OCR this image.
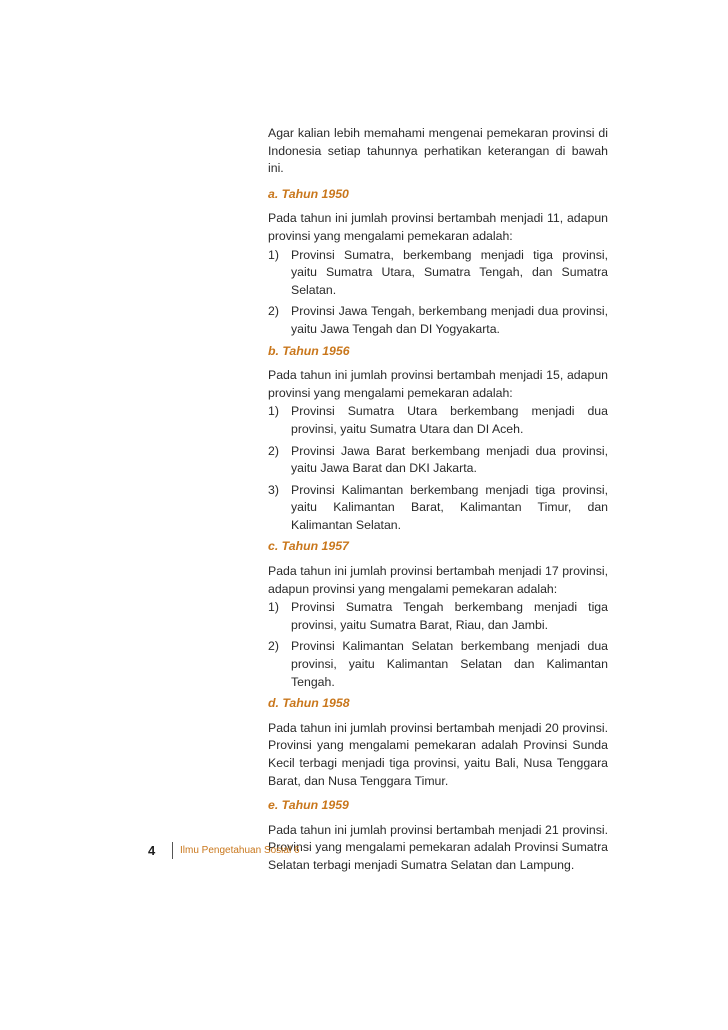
Agar kalian lebih memahami mengenai pemekaran provinsi di Indonesia setiap tahunnya perhatikan keterangan di bawah ini.

a. Tahun 1950

Pada tahun ini jumlah provinsi bertambah menjadi 11, adapun provinsi yang mengalami pemekaran adalah:

1) Provinsi Sumatra, berkembang menjadi tiga provinsi, yaitu Sumatra Utara, Sumatra Tengah, dan Sumatra Selatan.
2) Provinsi Jawa Tengah, berkembang menjadi dua provinsi, yaitu Jawa Tengah dan DI Yogyakarta.
b. Tahun 1956

Pada tahun ini jumlah provinsi bertambah menjadi 15, adapun provinsi yang mengalami pemekaran adalah:

1) Provinsi Sumatra Utara berkembang menjadi dua provinsi, yaitu Sumatra Utara dan DI Aceh.
2) Provinsi Jawa Barat berkembang menjadi dua provinsi, yaitu Jawa Barat dan DKI Jakarta.
3) Provinsi Kalimantan berkembang menjadi tiga provinsi, yaitu Kalimantan Barat, Kalimantan Timur, dan Kalimantan Selatan.
c. Tahun 1957

Pada tahun ini jumlah provinsi bertambah menjadi 17 provinsi, adapun provinsi yang mengalami pemekaran adalah:

1) Provinsi Sumatra Tengah berkembang menjadi tiga provinsi, yaitu Sumatra Barat, Riau, dan Jambi.
2) Provinsi Kalimantan Selatan berkembang menjadi dua provinsi, yaitu Kalimantan Selatan dan Kalimantan Tengah.
d. Tahun 1958

Pada tahun ini jumlah provinsi bertambah menjadi 20 provinsi. Provinsi yang mengalami pemekaran adalah Provinsi Sunda Kecil terbagi menjadi tiga provinsi, yaitu Bali, Nusa Tenggara Barat, dan Nusa Tenggara Timur.

e. Tahun 1959

Pada tahun ini jumlah provinsi bertambah menjadi 21 provinsi. Provinsi yang mengalami pemekaran adalah Provinsi Sumatra Selatan terbagi menjadi Sumatra Selatan dan Lampung.

4 Ilmu Pengetahuan Sosial 6
